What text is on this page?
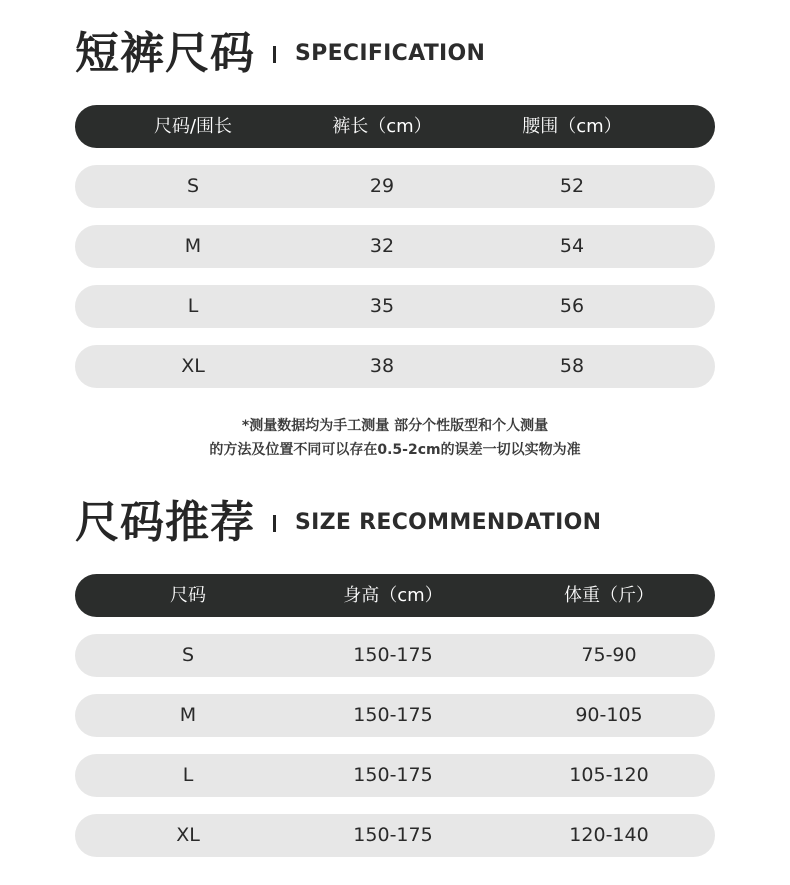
短裤尺码 SPECIFICATION
尺码/围长	裤长（cm）	腰围（cm）
S	29	52
M	32	54
L	35	56
XL	38	58
*测量数据均为手工测量 部分个性版型和个人测量
的方法及位置不同可以存在0.5-2cm的误差一切以实物为准
尺码推荐 SIZE RECOMMENDATION
尺码	身高（cm）	体重（斤）
S	150-175	75-90
M	150-175	90-105
L	150-175	105-120
XL	150-175	120-140
